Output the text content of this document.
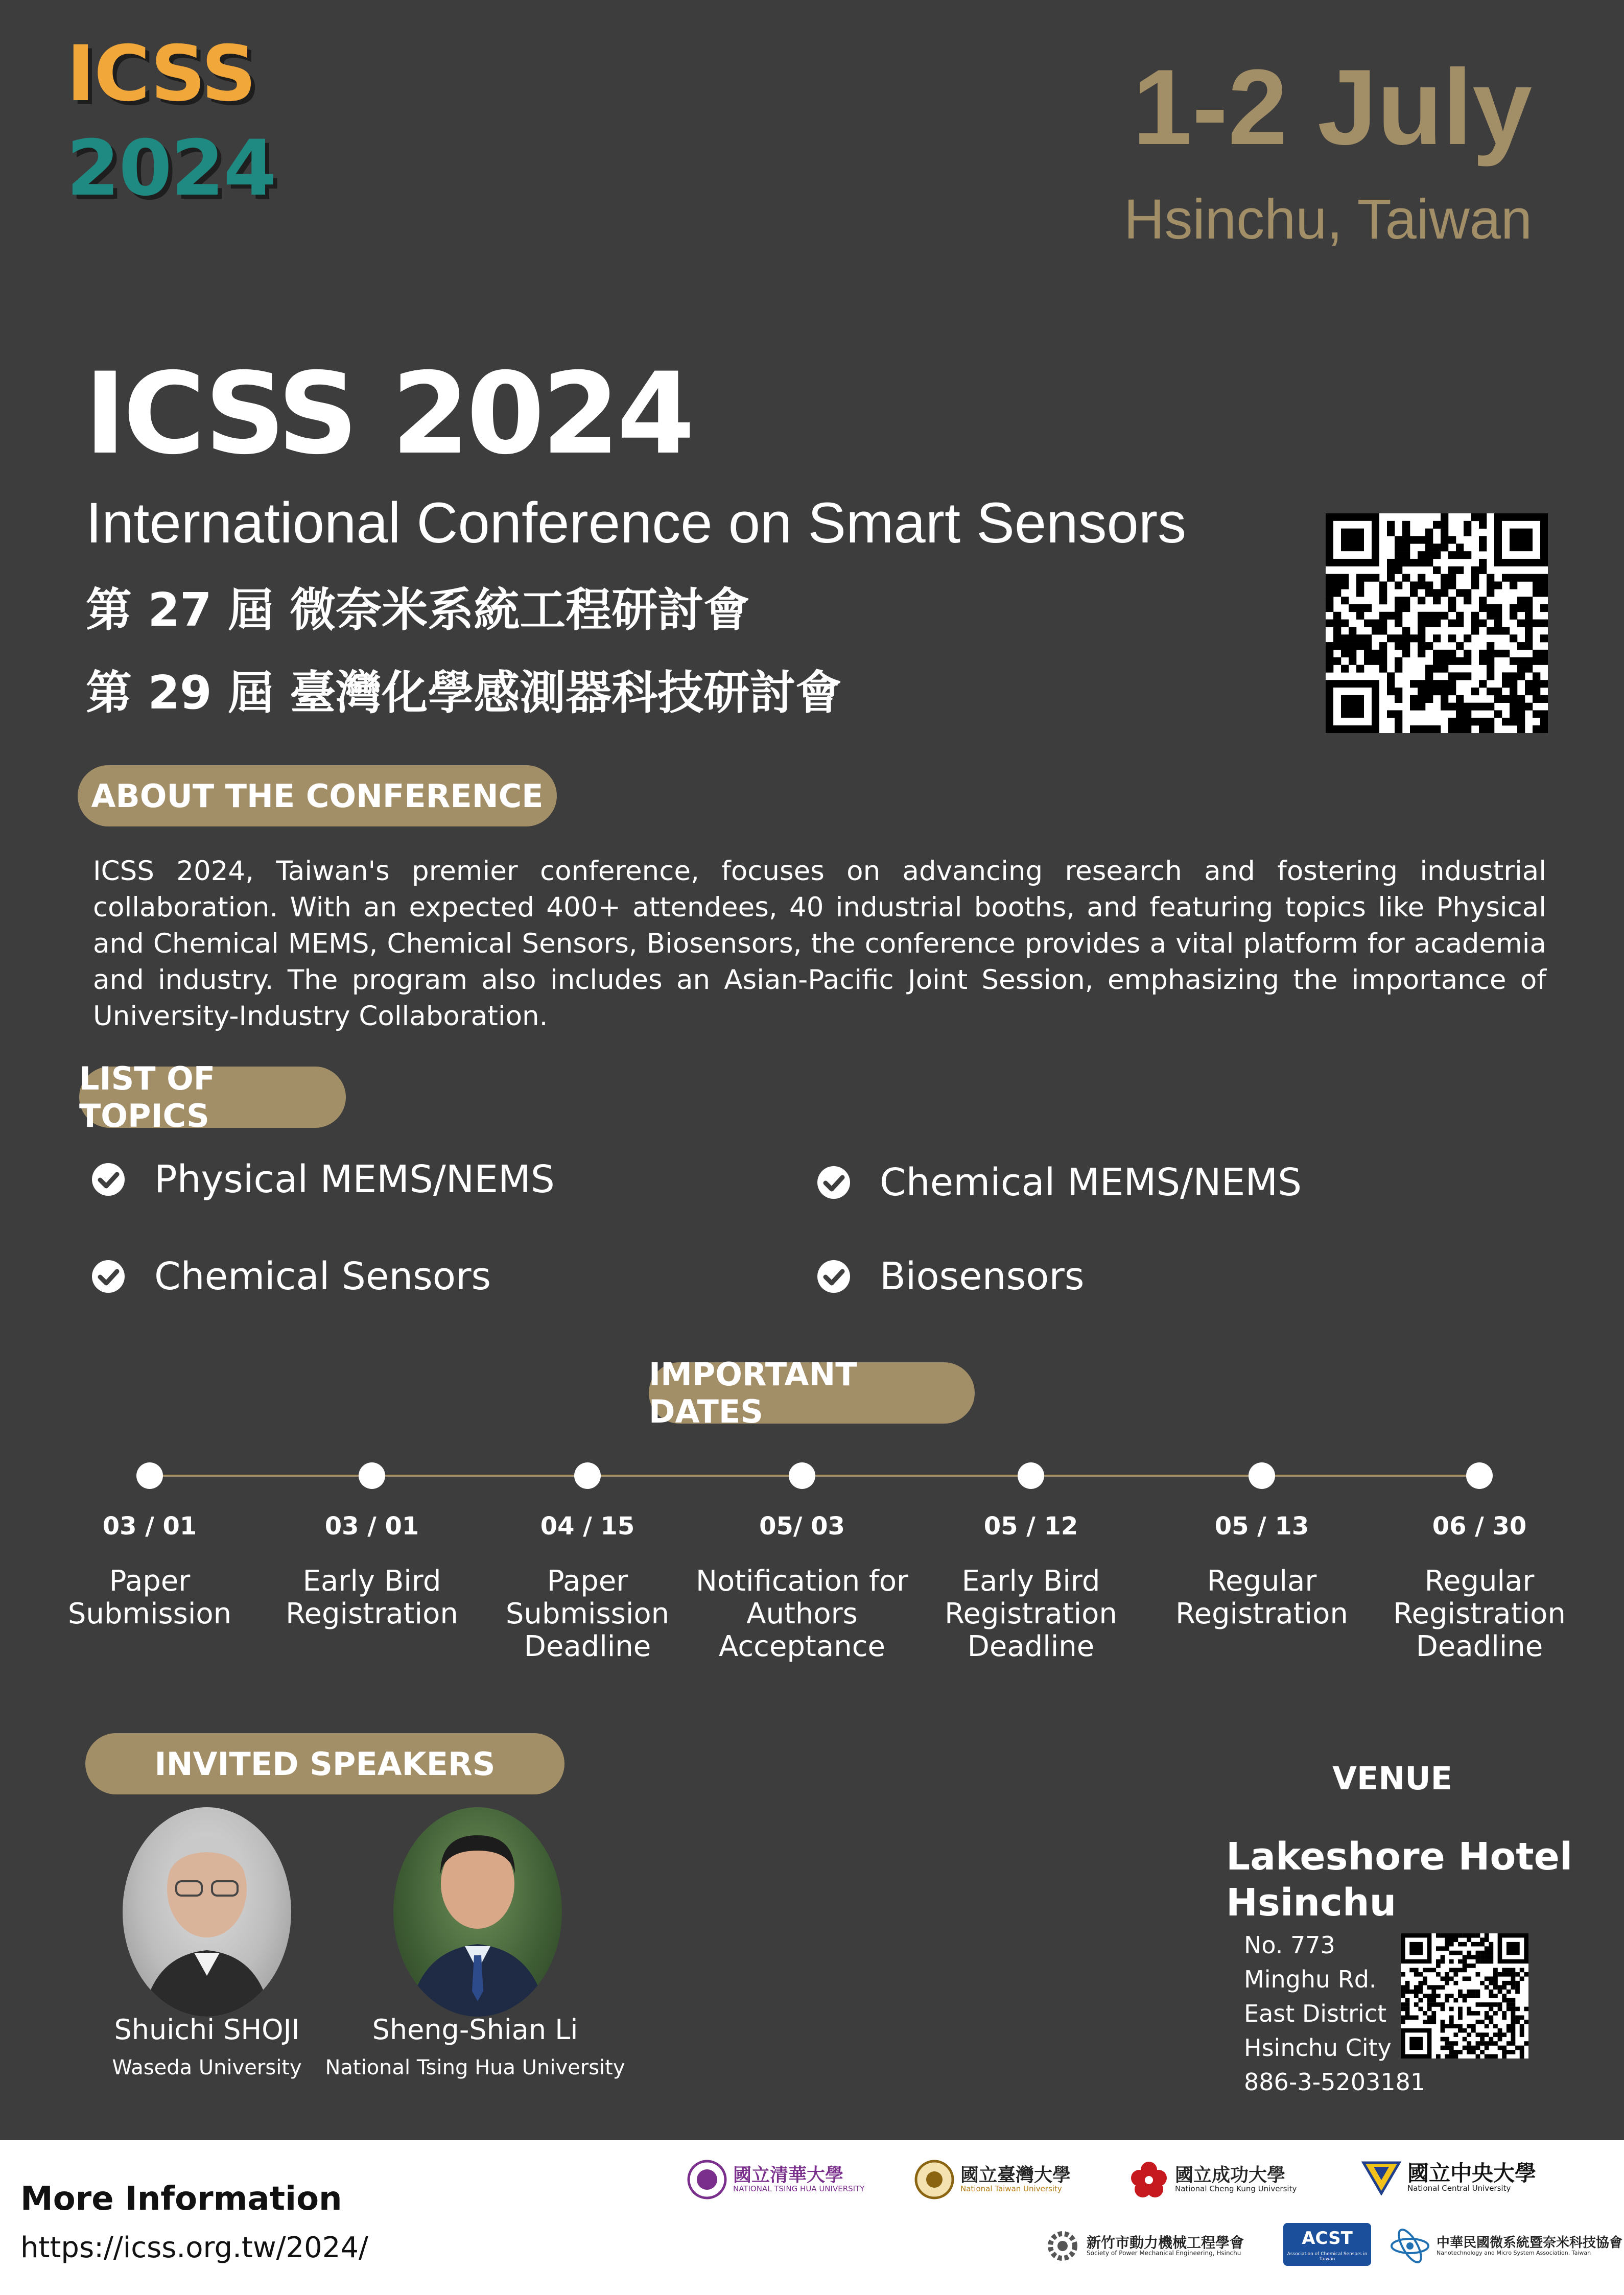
ICSS
2024
1-2 July
Hsinchu, Taiwan
ICSS 2024
International Conference on Smart Sensors
第 27 屆 微奈米系統工程研討會
第 29 屆 臺灣化學感測器科技研討會
ABOUT THE CONFERENCE
ICSS 2024, Taiwan's premier conference, focuses on advancing research and fostering industrial collaboration. With an expected 400+ attendees, 40 industrial booths, and featuring topics like Physical and Chemical MEMS, Chemical Sensors, Biosensors, the conference provides a vital platform for academia and industry. The program also includes an Asian-Pacific Joint Session, emphasizing the importance of University-Industry Collaboration.
LIST OF TOPICS
Physical MEMS/NEMS	Chemical MEMS/NEMS
Chemical Sensors	Biosensors
IMPORTANT DATES
03 / 01
Paper Submission
03 / 01
Early Bird Registration
04 / 15
Paper Submission Deadline
05/ 03
Notification for Authors Acceptance
05 / 12
Early Bird Registration Deadline
05 / 13
Regular Registration
06 / 30
Regular Registration Deadline
INVITED SPEAKERS
Shuichi SHOJI
Waseda University
Sheng-Shian Li
National Tsing Hua University
VENUE
Lakeshore Hotel Hsinchu
No. 773
Minghu Rd.
East District
Hsinchu City
886-3-5203181
More Information
https://icss.org.tw/2024/
國立清華大學
NATIONAL TSING HUA UNIVERSITY
國立臺灣大學
National Taiwan University
國立成功大學
National Cheng Kung University
國立中央大學
National Central University
新竹市動力機械工程學會
Society of Power Mechanical Engineering, Hsinchu
ACST
Association of Chemical Sensors in Taiwan
中華民國微系統暨奈米科技協會
Nanotechnology and Micro System Association, Taiwan
